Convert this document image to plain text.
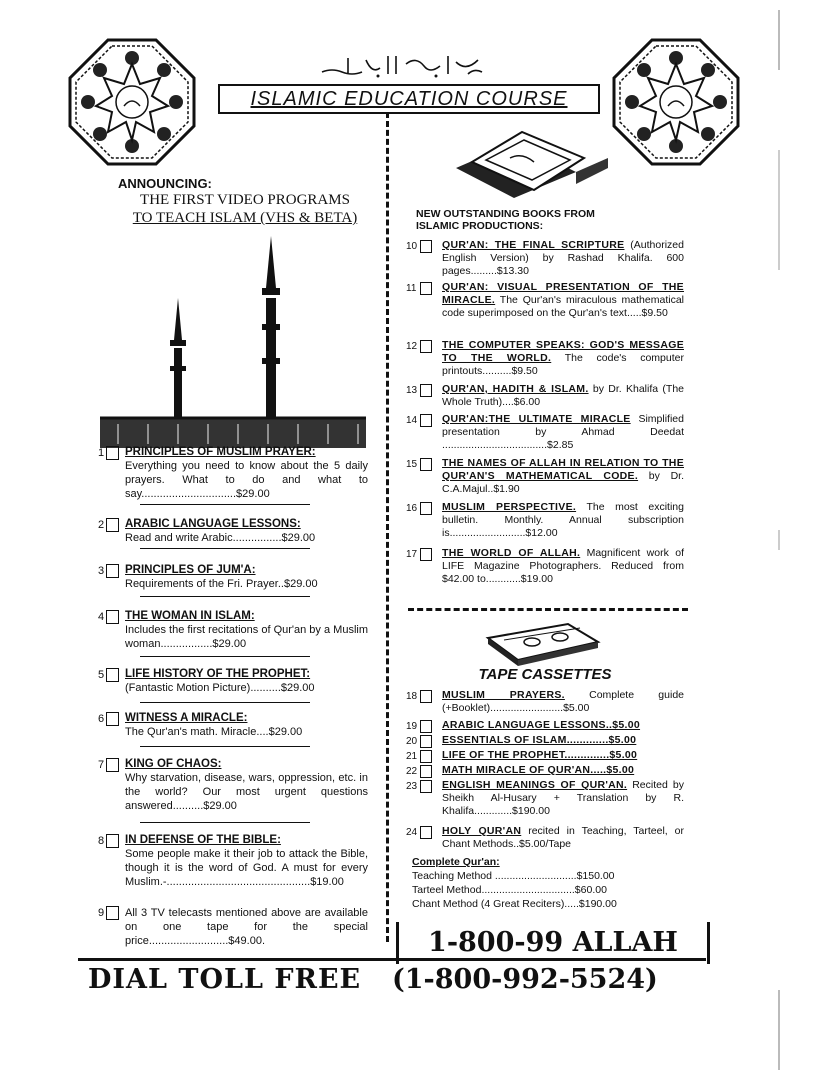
ISLAMIC EDUCATION COURSE
ANNOUNCING:
THE FIRST VIDEO PROGRAMS
TO TEACH ISLAM (VHS & BETA)
1 PRINCIPLES OF MUSLIM PRAYER:
Everything you need to know about the 5 daily prayers. What to do and what to say...............................$29.00
2 ARABIC LANGUAGE LESSONS:
Read and write Arabic................$29.00
3 PRINCIPLES OF JUM'A:
Requirements of the Fri. Prayer..$29.00
4 THE WOMAN IN ISLAM:
Includes the first recitations of Qur'an by a Muslim woman.................$29.00
5 LIFE HISTORY OF THE PROPHET:
(Fantastic Motion Picture)..........$29.00
6 WITNESS A MIRACLE:
The Qur'an's math. Miracle....$29.00
7 KING OF CHAOS:
Why starvation, disease, wars, oppression, etc. in the world? Our most urgent questions answered..........$29.00
8 IN DEFENSE OF THE BIBLE:
Some people make it their job to attack the Bible, though it is the word of God. A must for every Muslim.-...............................................$19.00
9 All 3 TV telecasts mentioned above are available on one tape for the special price..........................$49.00.
NEW OUTSTANDING BOOKS FROM
ISLAMIC PRODUCTIONS:
10 QUR'AN: THE FINAL SCRIPTURE (Authorized English Version) by Rashad Khalifa. 600 pages.........$13.30
11 QUR'AN: VISUAL PRESENTATION OF THE MIRACLE. The Qur'an's miraculous mathematical code superimposed on the Qur'an's text.....$9.50
12 THE COMPUTER SPEAKS: GOD'S MESSAGE TO THE WORLD. The code's computer printouts..........$9.50
13 QUR'AN, HADITH & ISLAM. by Dr. Khalifa (The Whole Truth)....$6.00
14 QUR'AN:THE ULTIMATE MIRACLE Simplified presentation by Ahmad Deedat ....................................$2.85
15 THE NAMES OF ALLAH IN RELATION TO THE QUR'AN'S MATHEMATICAL CODE. by Dr. C.A.Majul..$1.90
16 MUSLIM PERSPECTIVE. The most exciting bulletin. Monthly. Annual subscription is..........................$12.00
17 THE WORLD OF ALLAH. Magnificent work of LIFE Magazine Photographers. Reduced from $42.00 to............$19.00
TAPE CASSETTES
18 MUSLIM PRAYERS. Complete guide (+Booklet).........................$5.00
19 ARABIC LANGUAGE LESSONS..$5.00
20 ESSENTIALS OF ISLAM.............$5.00
21 LIFE OF THE PROPHET..............$5.00
22 MATH MIRACLE OF QUR'AN.....$5.00
23 ENGLISH MEANINGS OF QUR'AN. Recited by Sheikh Al-Husary + Translation by R. Khalifa.............$190.00
24 HOLY QUR'AN recited in Teaching, Tarteel, or Chant Methods..$5.00/Tape
Complete Qur'an:
Teaching Method ............................$150.00
Tarteel Method................................$60.00
Chant Method (4 Great Reciters).....$190.00
1-800-99 ALLAH
DIAL TOLL FREE (1-800-992-5524)
